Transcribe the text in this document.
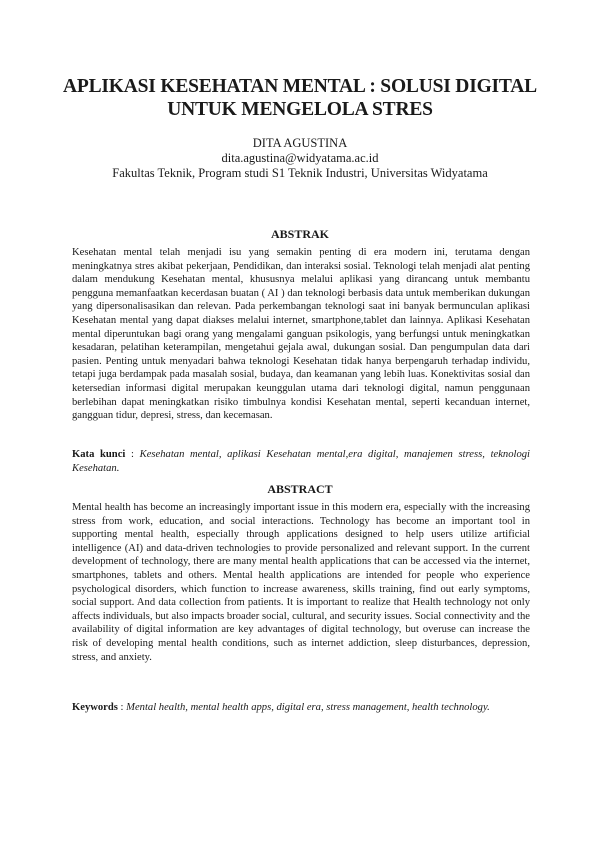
APLIKASI KESEHATAN MENTAL : SOLUSI DIGITAL
UNTUK MENGELOLA STRES
DITA AGUSTINA
dita.agustina@widyatama.ac.id
Fakultas Teknik, Program studi S1 Teknik Industri, Universitas Widyatama
ABSTRAK

Kesehatan mental telah menjadi isu yang semakin penting di era modern ini, terutama dengan meningkatnya stres akibat pekerjaan, Pendidikan, dan interaksi sosial. Teknologi telah menjadi alat penting dalam mendukung Kesehatan mental, khususnya melalui aplikasi yang dirancang untuk membantu pengguna memanfaatkan kecerdasan buatan ( AI ) dan teknologi berbasis data untuk memberikan dukungan yang dipersonalisasikan dan relevan. Pada perkembangan teknologi saat ini banyak bermunculan aplikasi Kesehatan mental yang dapat diakses melalui internet, smartphone,tablet dan lainnya. Aplikasi Kesehatan mental diperuntukan bagi orang yang mengalami ganguan psikologis, yang berfungsi untuk meningkatkan kesadaran, pelatihan keterampilan, mengetahui gejala awal, dukungan sosial. Dan pengumpulan data dari pasien. Penting untuk menyadari bahwa teknologi Kesehatan tidak hanya berpengaruh terhadap individu, tetapi juga berdampak pada masalah sosial, budaya, dan keamanan yang lebih luas. Konektivitas sosial dan ketersedian informasi digital merupakan keunggulan utama dari teknologi digital, namun penggunaan berlebihan dapat meningkatkan risiko timbulnya kondisi Kesehatan mental, seperti kecanduan internet, gangguan tidur, depresi, stress, dan kecemasan.

Kata kunci : Kesehatan mental, aplikasi Kesehatan mental,era digital, manajemen stress, teknologi Kesehatan.
ABSTRACT

Mental health has become an increasingly important issue in this modern era, especially with the increasing stress from work, education, and social interactions. Technology has become an important tool in supporting mental health, especially through applications designed to help users utilize artificial intelligence (AI) and data-driven technologies to provide personalized and relevant support. In the current development of technology, there are many mental health applications that can be accessed via the internet, smartphones, tablets and others. Mental health applications are intended for people who experience psychological disorders, which function to increase awareness, skills training, find out early symptoms, social support. And data collection from patients. It is important to realize that Health technology not only affects individuals, but also impacts broader social, cultural, and security issues. Social connectivity and the availability of digital information are key advantages of digital technology, but overuse can increase the risk of developing mental health conditions, such as internet addiction, sleep disturbances, depression, stress, and anxiety.

Keywords : Mental health, mental health apps, digital era, stress management, health technology.
